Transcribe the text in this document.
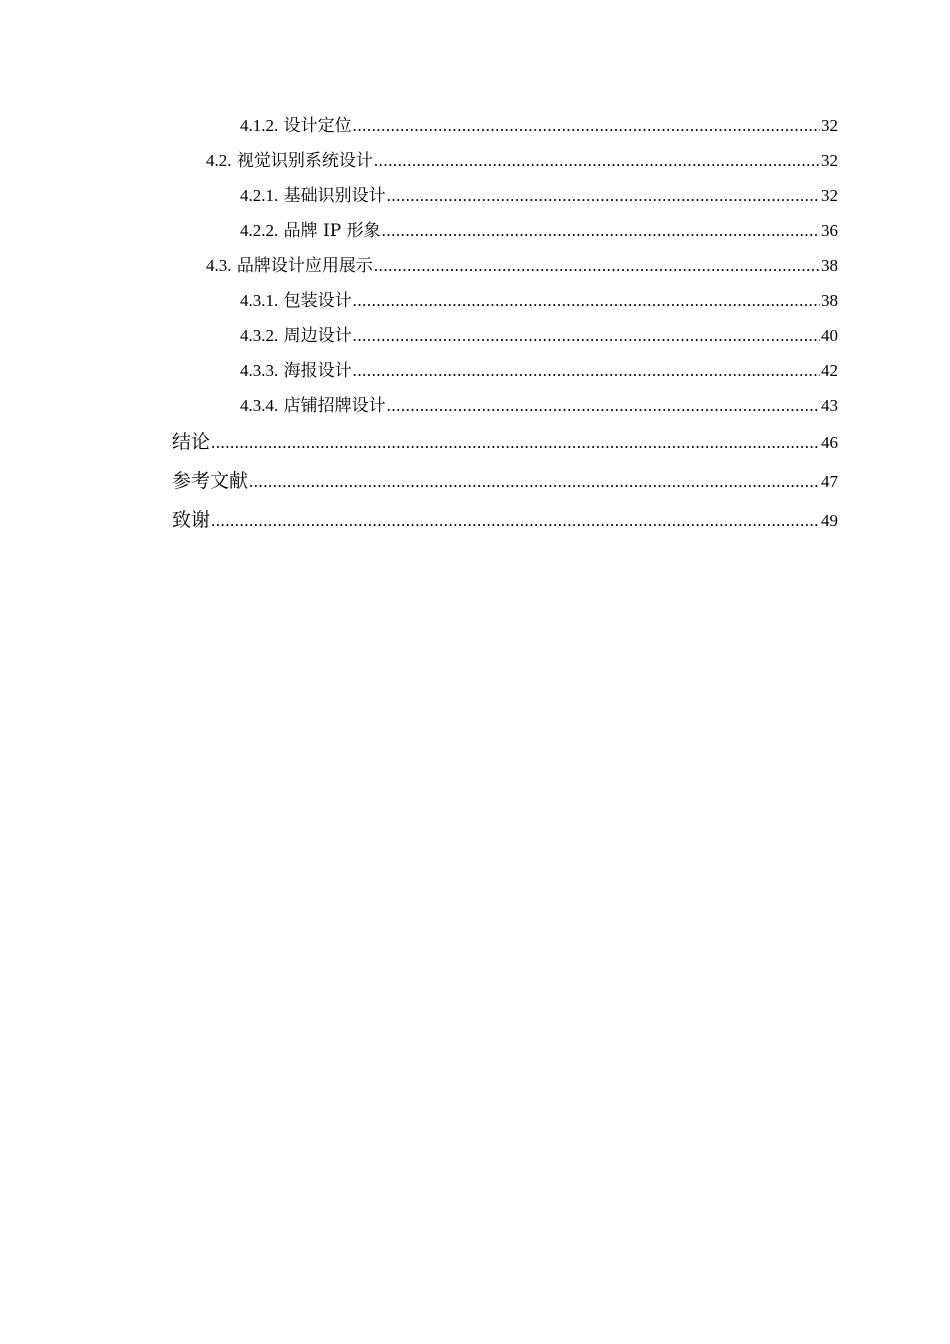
4.1.2. 设计定位 .....	32
4.2. 视觉识别系统设计 .....	32
4.2.1. 基础识别设计 .....	32
4.2.2. 品牌 IP 形象 .....	36
4.3. 品牌设计应用展示 .....	38
4.3.1. 包装设计 .....	38
4.3.2. 周边设计 .....	40
4.3.3. 海报设计 .....	42
4.3.4. 店铺招牌设计 .....	43
结论 .....	46
参考文献 .....	47
致谢 .....	49
